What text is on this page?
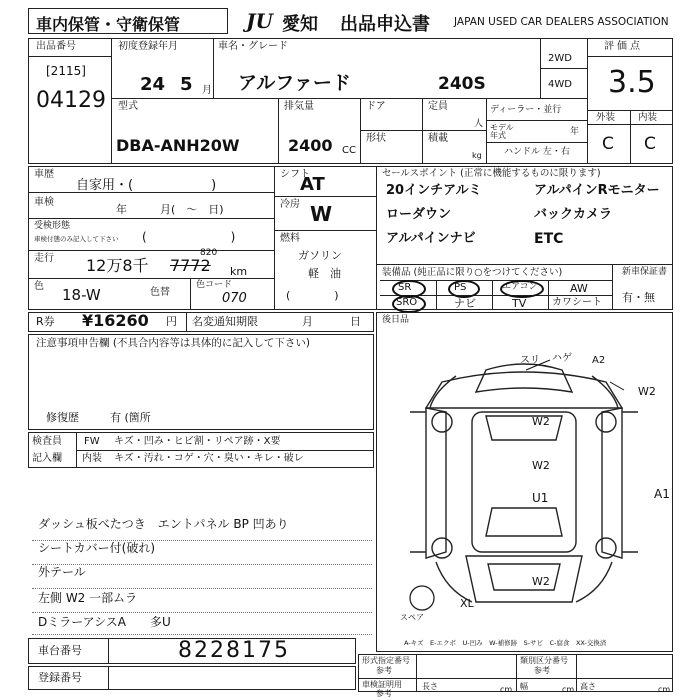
車内保管・守衛保管	JU 愛知 出品申込書 JAPAN USED CAR DEALERS ASSOCIATION
出品番号
[2115]
04129
初度登録年月
24 5 月
車名・グレード
アルファード	240S
2WD
4WD
評価点
3.5
外装 内装
C C
型式
DBA-ANH20W
排気量
2400 CC
ドア
形状
定員
人
積載
kg
ディーラー・並行
モデル年式	年
ハンドル 左・右
車歴
自家用・(　　　　　　)
車検
年　　　月(　〜　日)
受検形態
車検付態のみ記入して下さい (　　　　　　　)
走行 12万8千 7772
820
km
色 18-W	色替
色コード
070
シフト
AT
冷房 W
燃料
ガソリン
軽　油
(　　　　)
セールスポイント (正常に機能するものに限ります)
20インチアルミ	アルパインRモニター
ローダウン	バックカメラ
アルパインナビ	ETC
装備品 (純正品に限り○をつけてください)
SR	PS	エアコン	AW
SRO	ナビ	TV	カワシート
新車保証書
有・無
R券 ¥16260 円 名変通知期限	月	日
注意事項申告欄 (不具合内容等は具体的に記入して下さい)
修復歴	有 (箇所
検査員
記入欄
FW キズ・凹み・ヒビ割・リペア跡・X要
内装 キズ・汚れ・コゲ・穴・臭い・キレ・破レ
ダッシュ板べたつき　エントパネル BP 凹あり
シートカバー付(破れ)
外テール
左側 W2 一部ムラ
DミラーアシスA　　多U
車台番号	8228175
登録番号
後日品
スリ ハゲ A2
W2
W2
W2
U1	A1
W2
XL
スペア
A-キズ　E-エクボ　U-凹み　W-補修跡　S-サビ　C-腐食　XX-交換済
形式指定番号
参考
類別区分番号
参考
車検証明用
参考
長さ	cm 幅	cm 高さ	cm
